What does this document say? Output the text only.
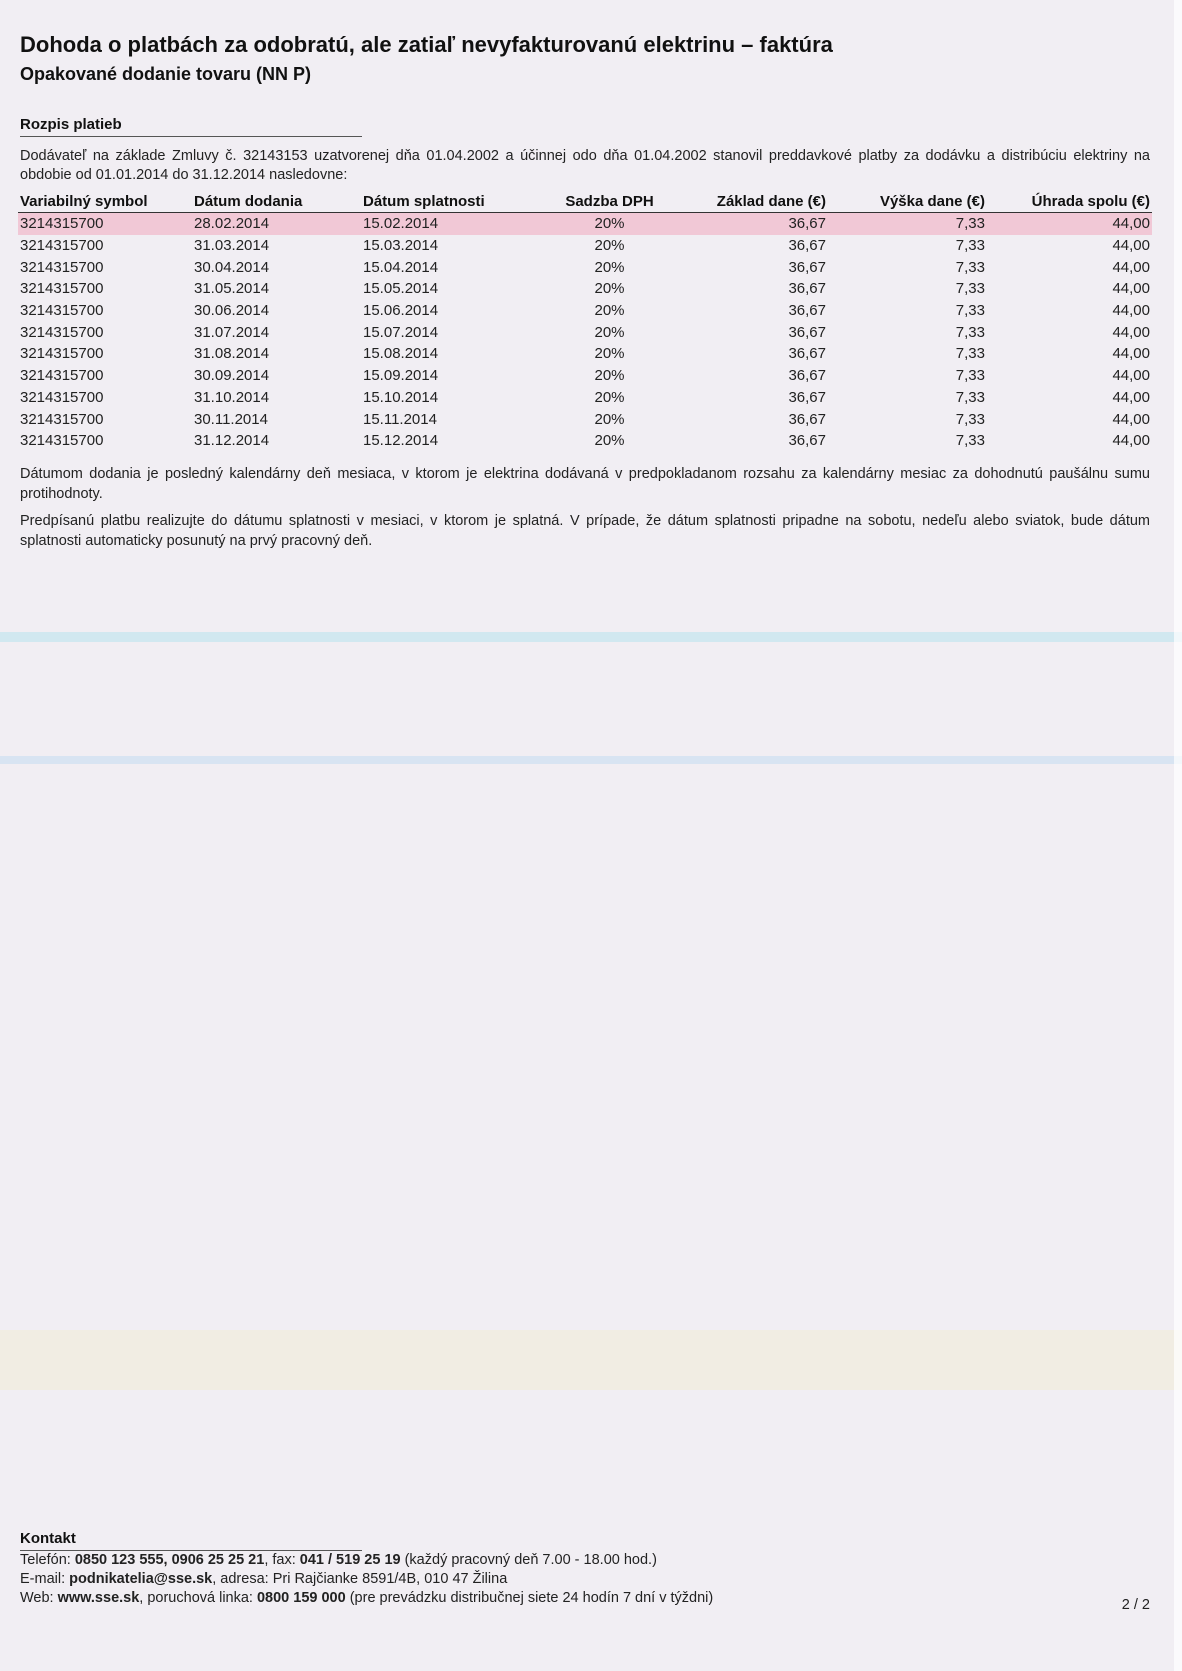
Dohoda o platbách za odobratú, ale zatiaľ nevyfakturovanú elektrinu – faktúra
Opakované dodanie tovaru (NN P)
Rozpis platieb
Dodávateľ na základe Zmluvy č. 32143153 uzatvorenej dňa 01.04.2002 a účinnej odo dňa 01.04.2002 stanovil preddavkové platby za dodávku a distribúciu elektriny na obdobie od 01.01.2014 do 31.12.2014 nasledovne:
Variabilný symbol	Dátum dodania	Dátum splatnosti	Sadzba DPH	Základ dane (€)	Výška dane (€)	Úhrada spolu (€)
3214315700	28.02.2014	15.02.2014	20%	36,67	7,33	44,00
3214315700	31.03.2014	15.03.2014	20%	36,67	7,33	44,00
3214315700	30.04.2014	15.04.2014	20%	36,67	7,33	44,00
3214315700	31.05.2014	15.05.2014	20%	36,67	7,33	44,00
3214315700	30.06.2014	15.06.2014	20%	36,67	7,33	44,00
3214315700	31.07.2014	15.07.2014	20%	36,67	7,33	44,00
3214315700	31.08.2014	15.08.2014	20%	36,67	7,33	44,00
3214315700	30.09.2014	15.09.2014	20%	36,67	7,33	44,00
3214315700	31.10.2014	15.10.2014	20%	36,67	7,33	44,00
3214315700	30.11.2014	15.11.2014	20%	36,67	7,33	44,00
3214315700	31.12.2014	15.12.2014	20%	36,67	7,33	44,00
Dátumom dodania je posledný kalendárny deň mesiaca, v ktorom je elektrina dodávaná v predpokladanom rozsahu za kalendárny mesiac za dohodnutú paušálnu sumu protihodnoty.
Predpísanú platbu realizujte do dátumu splatnosti v mesiaci, v ktorom je splatná. V prípade, že dátum splatnosti pripadne na sobotu, nedeľu alebo sviatok, bude dátum splatnosti automaticky posunutý na prvý pracovný deň.
Kontakt
Telefón: 0850 123 555, 0906 25 25 21, fax: 041 / 519 25 19 (každý pracovný deň 7.00 - 18.00 hod.)
E-mail: podnikatelia@sse.sk, adresa: Pri Rajčianke 8591/4B, 010 47 Žilina
Web: www.sse.sk, poruchová linka: 0800 159 000 (pre prevádzku distribučnej siete 24 hodín 7 dní v týždni)	2 / 2
